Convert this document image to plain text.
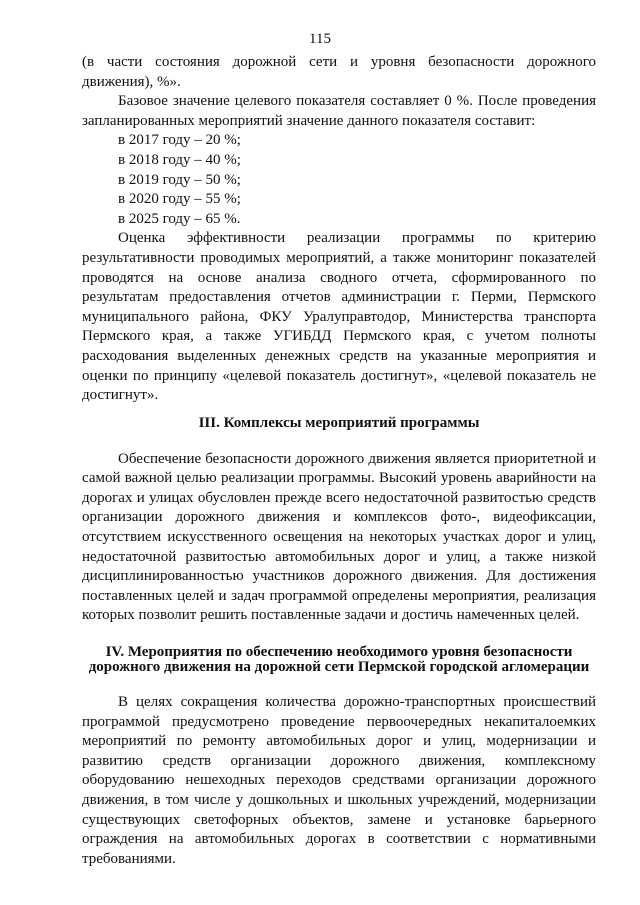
115

(в части состояния дорожной сети и уровня безопасности дорожного движения), %».

Базовое значение целевого показателя составляет 0 %. После проведения запланированных мероприятий значение данного показателя составит:

в 2017 году – 20 %;

в 2018 году – 40 %;

в 2019 году – 50 %;

в 2020 году – 55 %;

в 2025 году – 65 %.

Оценка эффективности реализации программы по критерию результативности проводимых мероприятий, а также мониторинг показателей проводятся на основе анализа сводного отчета, сформированного по результатам предоставления отчетов администрации г. Перми, Пермского муниципального района, ФКУ Уралуправтодор, Министерства транспорта Пермского края, а также УГИБДД Пермского края, с учетом полноты расходования выделенных денежных средств на указанные мероприятия и оценки по принципу «целевой показатель достигнут», «целевой показатель не достигнут».

III. Комплексы мероприятий программы

Обеспечение безопасности дорожного движения является приоритетной и самой важной целью реализации программы. Высокий уровень аварийности на дорогах и улицах обусловлен прежде всего недостаточной развитостью средств организации дорожного движения и комплексов фото-, видеофиксации, отсутствием искусственного освещения на некоторых участках дорог и улиц, недостаточной развитостью автомобильных дорог и улиц, а также низкой дисциплинированностью участников дорожного движения. Для достижения поставленных целей и задач программой определены мероприятия, реализация которых позволит решить поставленные задачи и достичь намеченных целей.

IV. Мероприятия по обеспечению необходимого уровня безопасности
дорожного движения на дорожной сети Пермской городской агломерации

В целях сокращения количества дорожно-транспортных происшествий программой предусмотрено проведение первоочередных некапиталоемких мероприятий по ремонту автомобильных дорог и улиц, модернизации и развитию средств организации дорожного движения, комплексному оборудованию нешеходных переходов средствами организации дорожного движения, в том числе у дошкольных и школьных учреждений, модернизации существующих светофорных объектов, замене и установке барьерного ограждения на автомобильных дорогах в соответствии с нормативными требованиями.
